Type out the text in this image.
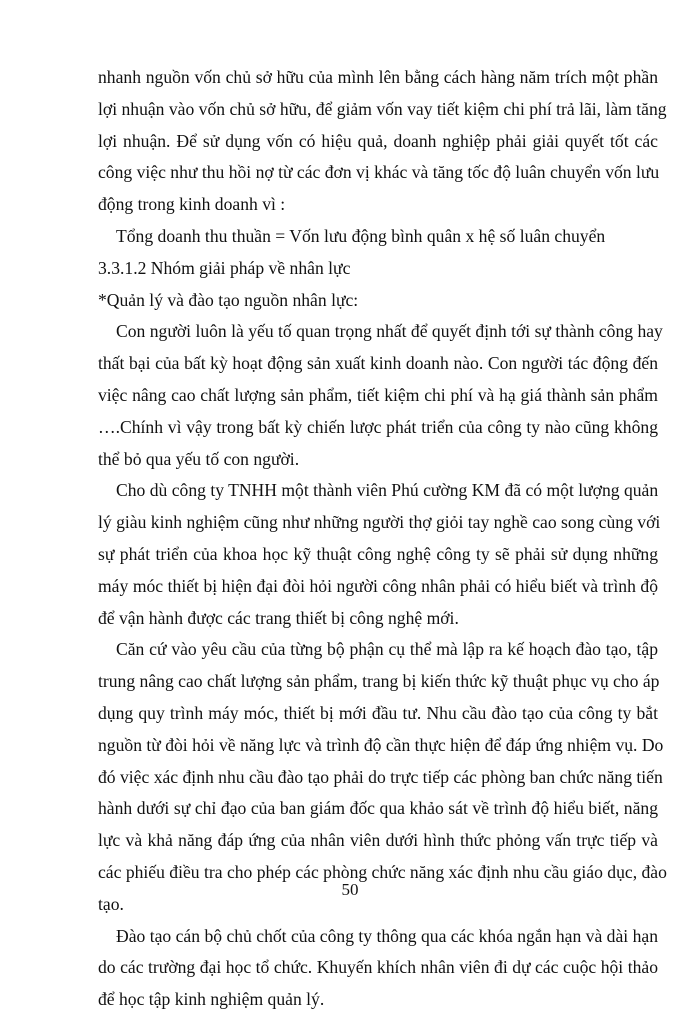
nhanh nguồn vốn chủ sở hữu của mình lên bằng cách hàng năm trích một phần
lợi nhuận vào vốn chủ sở hữu, để giảm vốn vay tiết kiệm chi phí trả lãi, làm tăng
lợi nhuận. Để sử dụng vốn có hiệu quả, doanh nghiệp phải giải quyết tốt các
công việc như thu hồi nợ từ các đơn vị khác và tăng tốc độ luân chuyển vốn lưu
động trong kinh doanh vì :
Tổng doanh thu thuần = Vốn lưu động bình quân x hệ số luân chuyển
3.3.1.2 Nhóm giải pháp về nhân lực
*Quản lý và đào tạo nguồn nhân lực:
Con người luôn là yếu tố quan trọng nhất để quyết định tới sự thành công hay
thất bại của bất kỳ hoạt động sản xuất kinh doanh nào. Con người tác động đến
việc nâng cao chất lượng sản phẩm, tiết kiệm chi phí và hạ giá thành sản phẩm
….Chính vì vậy trong bất kỳ chiến lược phát triển của công ty nào cũng không
thể bỏ qua yếu tố con người.
Cho dù công ty TNHH một thành viên Phú cường KM đã có một lượng quản
lý giàu kinh nghiệm cũng như những người thợ giỏi tay nghề cao song cùng với
sự phát triển của khoa học kỹ thuật công nghệ công ty sẽ phải sử dụng những
máy móc thiết bị hiện đại đòi hỏi người công nhân phải có hiểu biết và trình độ
để vận hành được các trang thiết bị công nghệ mới.
Căn cứ vào yêu cầu của từng bộ phận cụ thể mà lập ra kế hoạch đào tạo, tập
trung nâng cao chất lượng sản phẩm, trang bị kiến thức kỹ thuật phục vụ cho áp
dụng quy trình máy móc, thiết bị mới đầu tư. Nhu cầu đào tạo của công ty bắt
nguồn từ đòi hỏi về năng lực và trình độ cần thực hiện để đáp ứng nhiệm vụ. Do
đó việc xác định nhu cầu đào tạo phải do trực tiếp các phòng ban chức năng tiến
hành dưới sự chỉ đạo của ban giám đốc qua khảo sát về trình độ hiểu biết, năng
lực và khả năng đáp ứng của nhân viên dưới hình thức phỏng vấn trực tiếp và
các phiếu điều tra cho phép các phòng chức năng xác định nhu cầu giáo dục, đào
tạo.
Đào tạo cán bộ chủ chốt của công ty thông qua các khóa ngắn hạn và dài hạn
do các trường đại học tổ chức. Khuyến khích nhân viên đi dự các cuộc hội thảo
để học tập kinh nghiệm quản lý.
50
